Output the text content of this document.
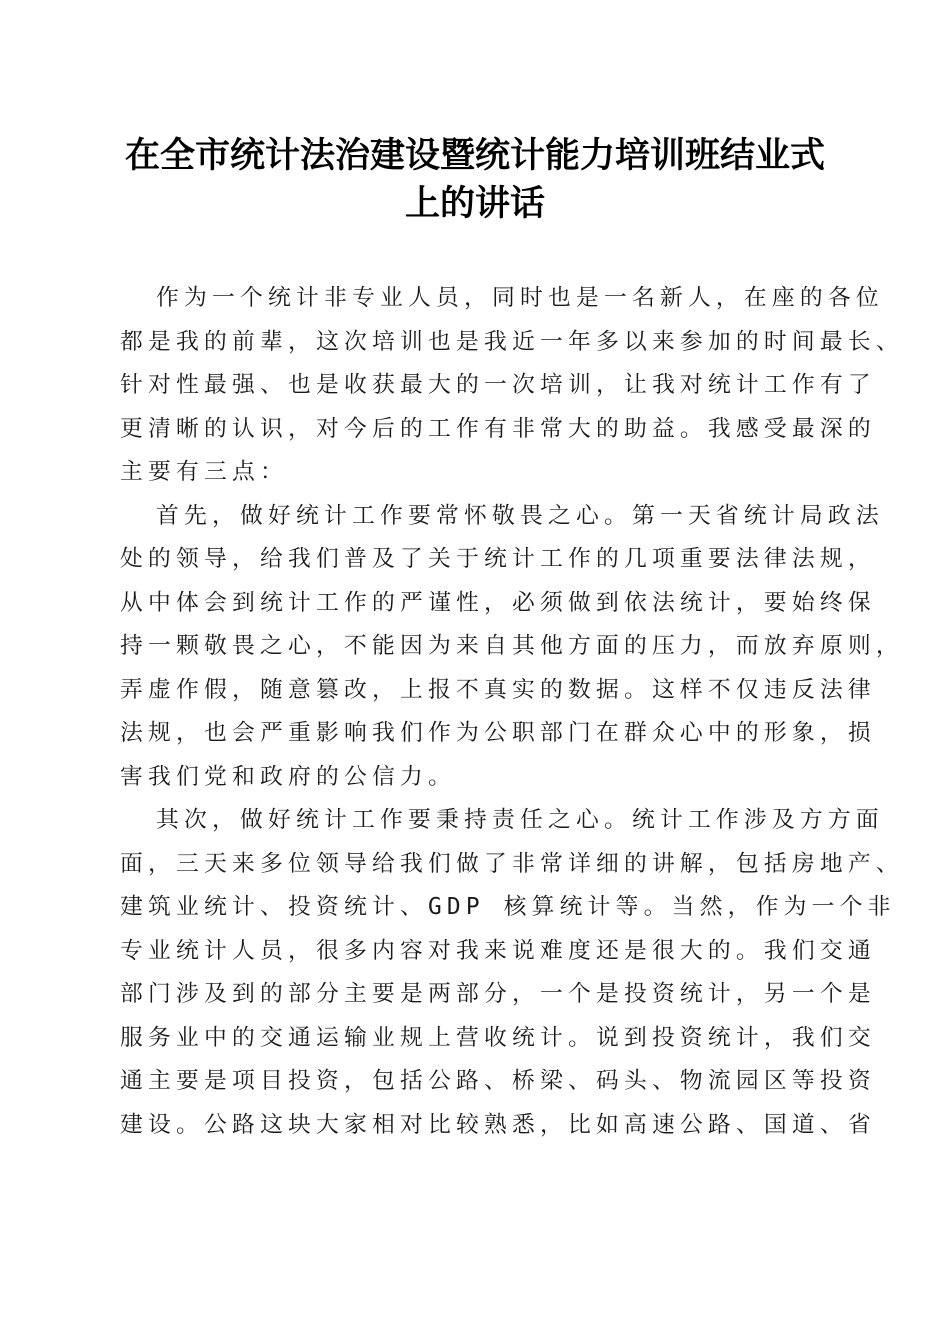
在全市统计法治建设暨统计能力培训班结业式
上的讲话
作为一个统计非专业人员，同时也是一名新人，在座的各位
都是我的前辈，这次培训也是我近一年多以来参加的时间最长、
针对性最强、也是收获最大的一次培训，让我对统计工作有了
更清晰的认识，对今后的工作有非常大的助益。我感受最深的
主要有三点：
首先，做好统计工作要常怀敬畏之心。第一天省统计局政法
处的领导，给我们普及了关于统计工作的几项重要法律法规，
从中体会到统计工作的严谨性，必须做到依法统计，要始终保
持一颗敬畏之心，不能因为来自其他方面的压力，而放弃原则，
弄虚作假，随意篡改，上报不真实的数据。这样不仅违反法律
法规，也会严重影响我们作为公职部门在群众心中的形象，损
害我们党和政府的公信力。
其次，做好统计工作要秉持责任之心。统计工作涉及方方面
面，三天来多位领导给我们做了非常详细的讲解，包括房地产、
建筑业统计、投资统计、GDP 核算统计等。当然，作为一个非
专业统计人员，很多内容对我来说难度还是很大的。我们交通
部门涉及到的部分主要是两部分，一个是投资统计，另一个是
服务业中的交通运输业规上营收统计。说到投资统计，我们交
通主要是项目投资，包括公路、桥梁、码头、物流园区等投资
建设。公路这块大家相对比较熟悉，比如高速公路、国道、省
